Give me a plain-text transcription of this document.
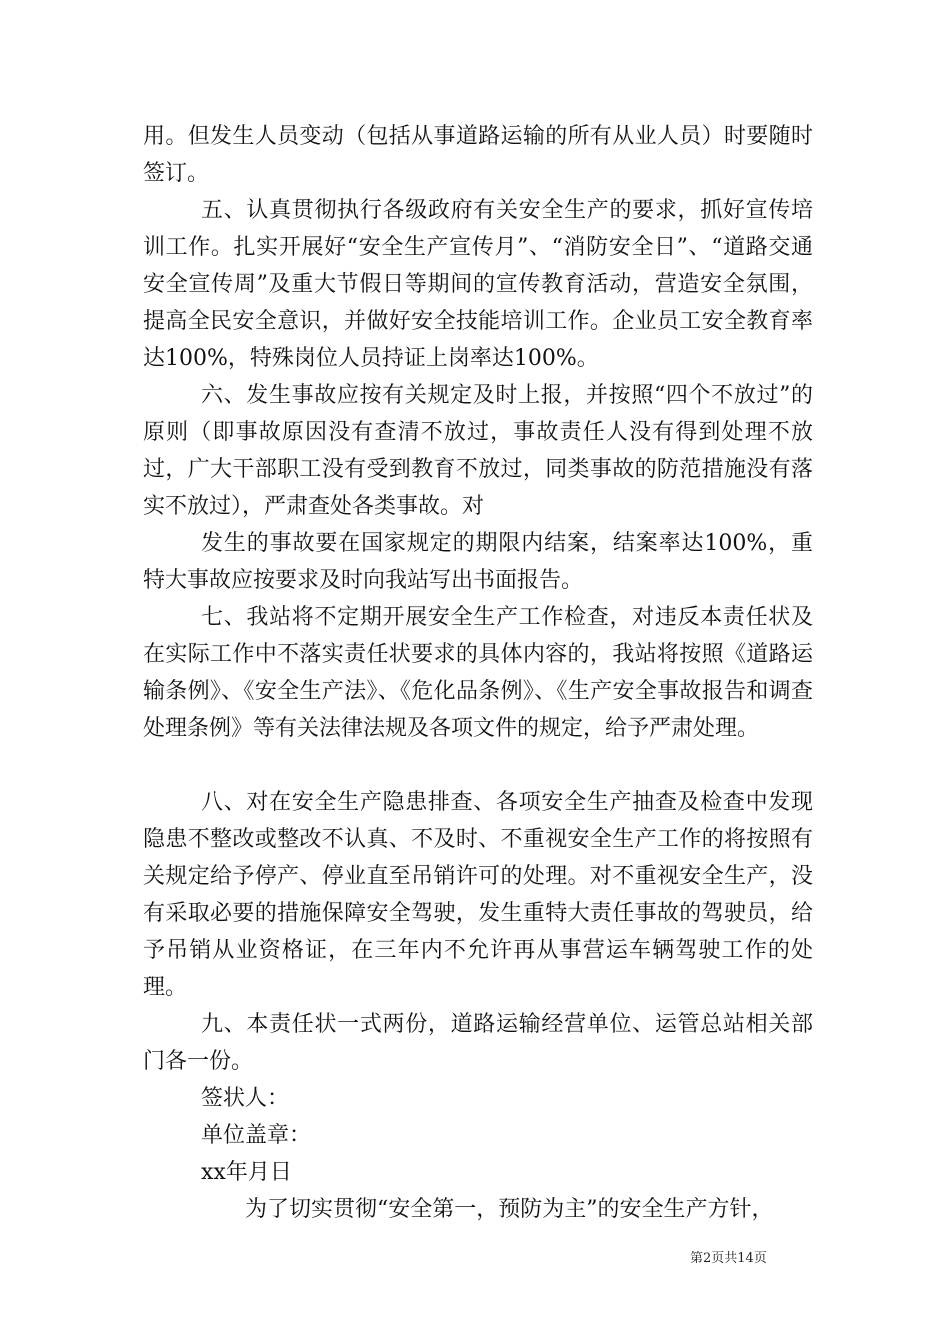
用。但发生人员变动（包括从事道路运输的所有从业人员）时要随时签订。

五、认真贯彻执行各级政府有关安全生产的要求，抓好宣传培训工作。扎实开展好“安全生产宣传月”、“消防安全日”、“道路交通安全宣传周”及重大节假日等期间的宣传教育活动，营造安全氛围，提高全民安全意识，并做好安全技能培训工作。企业员工安全教育率达100%，特殊岗位人员持证上岗率达100%。

六、发生事故应按有关规定及时上报，并按照“四个不放过”的原则（即事故原因没有查清不放过，事故责任人没有得到处理不放过，广大干部职工没有受到教育不放过，同类事故的防范措施没有落实不放过），严肃查处各类事故。对

发生的事故要在国家规定的期限内结案，结案率达100%，重特大事故应按要求及时向我站写出书面报告。

七、我站将不定期开展安全生产工作检查，对违反本责任状及在实际工作中不落实责任状要求的具体内容的，我站将按照《道路运输条例》、《安全生产法》、《危化品条例》、《生产安全事故报告和调查处理条例》等有关法律法规及各项文件的规定，给予严肃处理。

八、对在安全生产隐患排查、各项安全生产抽查及检查中发现隐患不整改或整改不认真、不及时、不重视安全生产工作的将按照有关规定给予停产、停业直至吊销许可的处理。对不重视安全生产，没有采取必要的措施保障安全驾驶，发生重特大责任事故的驾驶员，给予吊销从业资格证，在三年内不允许再从事营运车辆驾驶工作的处理。

九、本责任状一式两份，道路运输经营单位、运管总站相关部门各一份。

签状人：
单位盖章：
xx年月日
为了切实贯彻“安全第一，预防为主”的安全生产方针，
第2页共14页
